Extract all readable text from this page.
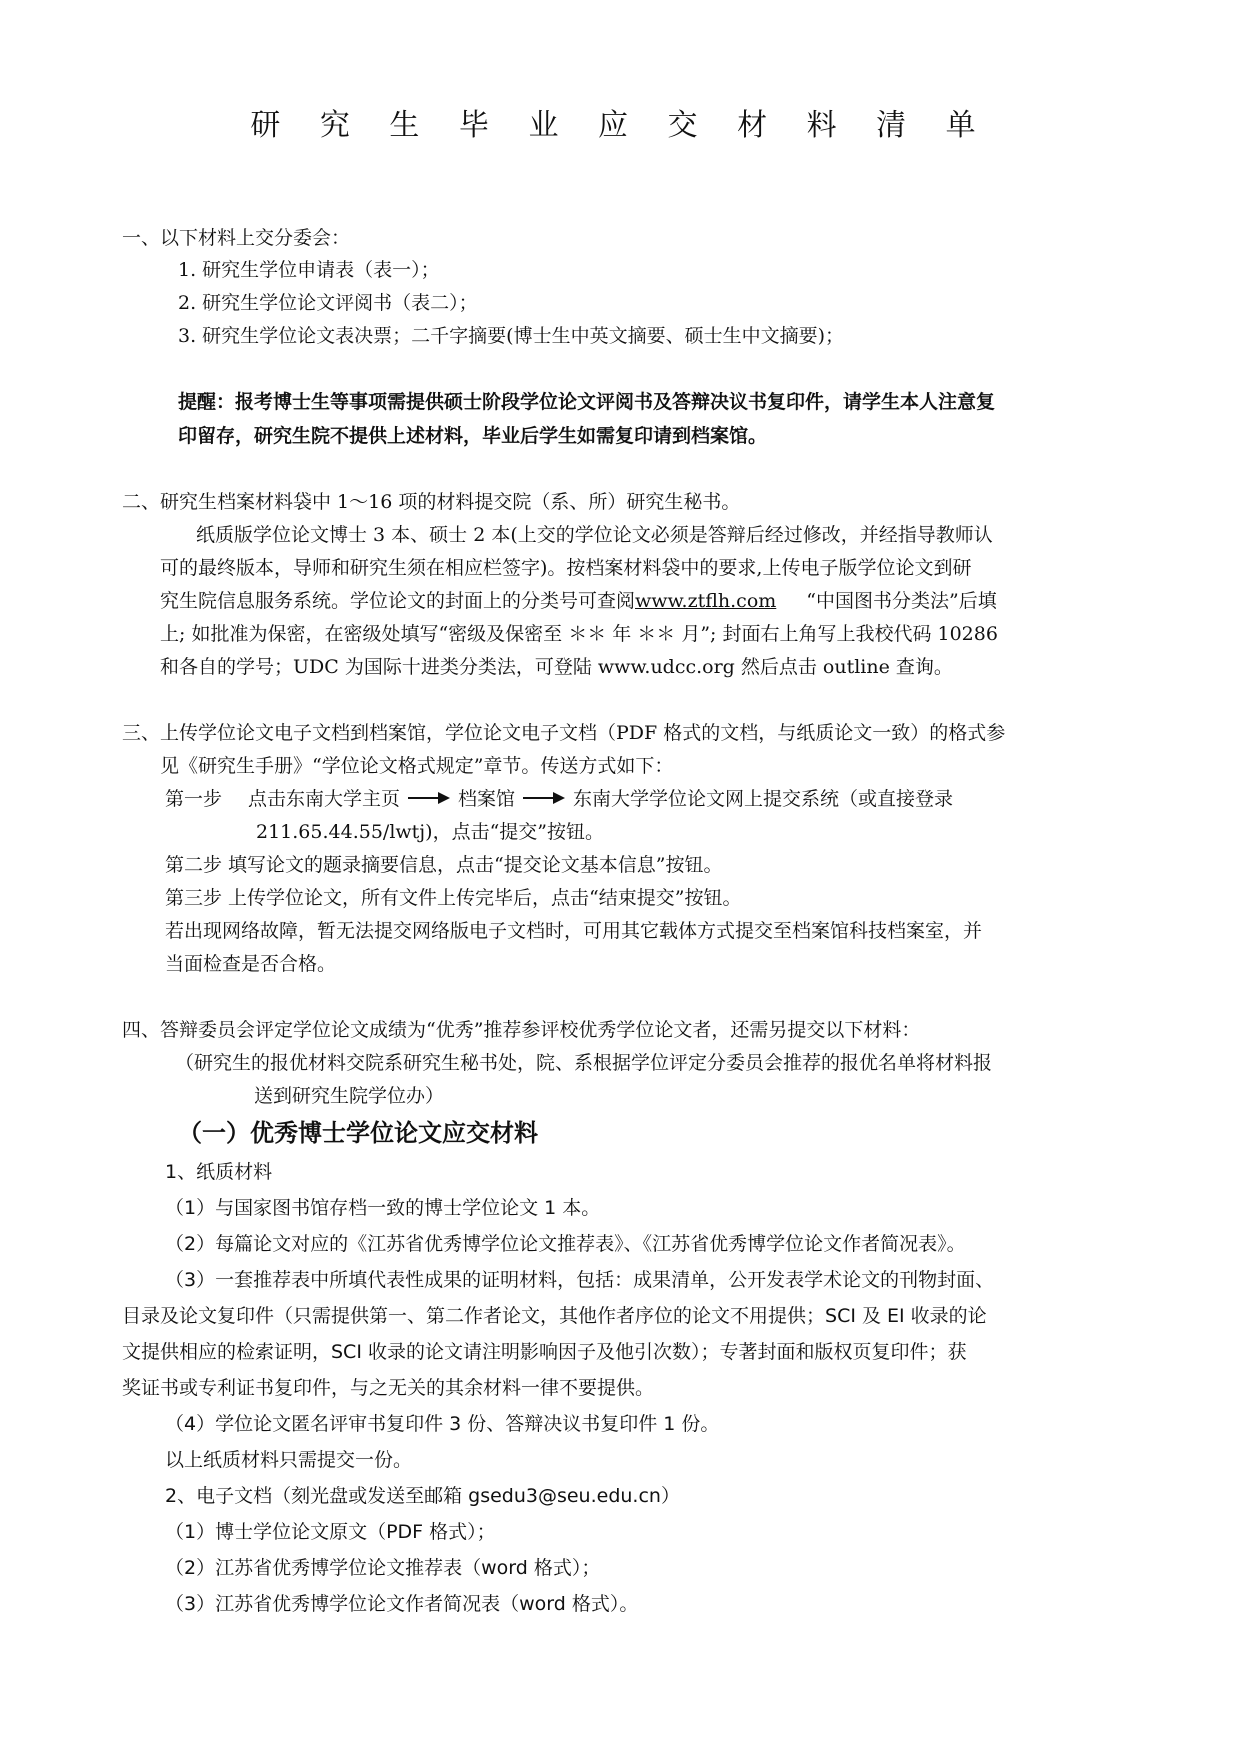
研 究 生 毕 业 应 交 材 料 清 单
一、以下材料上交分委会：
1. 研究生学位申请表（表一）；
2. 研究生学位论文评阅书（表二）；
3. 研究生学位论文表决票；二千字摘要(博士生中英文摘要、硕士生中文摘要)；
提醒：报考博士生等事项需提供硕士阶段学位论文评阅书及答辩决议书复印件，请学生本人注意复
印留存，研究生院不提供上述材料，毕业后学生如需复印请到档案馆。
二、研究生档案材料袋中 1～16 项的材料提交院（系、所）研究生秘书。
纸质版学位论文博士 3 本、硕士 2 本(上交的学位论文必须是答辩后经过修改，并经指导教师认
可的最终版本，导师和研究生须在相应栏签字)。按档案材料袋中的要求,上传电子版学位论文到研
究生院信息服务系统。学位论文的封面上的分类号可查阅www.ztflh.com “中国图书分类法”后填
上; 如批准为保密，在密级处填写“密级及保密至 ＊＊ 年 ＊＊ 月”; 封面右上角写上我校代码 10286
和各自的学号；UDC 为国际十进类分类法，可登陆 www.udcc.org 然后点击 outline 查询。
三、上传学位论文电子文档到档案馆，学位论文电子文档（PDF 格式的文档，与纸质论文一致）的格式参
见《研究生手册》“学位论文格式规定”章节。传送方式如下：
第一步 点击东南大学主页	档案馆	东南大学学位论文网上提交系统（或直接登录
211.65.44.55/lwtj)，点击“提交”按钮。
第二步 填写论文的题录摘要信息，点击“提交论文基本信息”按钮。
第三步 上传学位论文，所有文件上传完毕后，点击“结束提交”按钮。
若出现网络故障，暂无法提交网络版电子文档时，可用其它载体方式提交至档案馆科技档案室，并
当面检查是否合格。
四、答辩委员会评定学位论文成绩为“优秀”推荐参评校优秀学位论文者，还需另提交以下材料：
（研究生的报优材料交院系研究生秘书处，院、系根据学位评定分委员会推荐的报优名单将材料报
送到研究生院学位办）
（一）优秀博士学位论文应交材料
1、纸质材料
（1）与国家图书馆存档一致的博士学位论文 1 本。
（2）每篇论文对应的《江苏省优秀博学位论文推荐表》、《江苏省优秀博学位论文作者简况表》。
（3）一套推荐表中所填代表性成果的证明材料，包括：成果清单，公开发表学术论文的刊物封面、
目录及论文复印件（只需提供第一、第二作者论文，其他作者序位的论文不用提供；SCI 及 EI 收录的论
文提供相应的检索证明，SCI 收录的论文请注明影响因子及他引次数）；专著封面和版权页复印件；获
奖证书或专利证书复印件，与之无关的其余材料一律不要提供。
（4）学位论文匿名评审书复印件 3 份、答辩决议书复印件 1 份。
以上纸质材料只需提交一份。
2、电子文档（刻光盘或发送至邮箱 gsedu3@seu.edu.cn）
（1）博士学位论文原文（PDF 格式）；
（2）江苏省优秀博学位论文推荐表（word 格式）；
（3）江苏省优秀博学位论文作者简况表（word 格式）。
